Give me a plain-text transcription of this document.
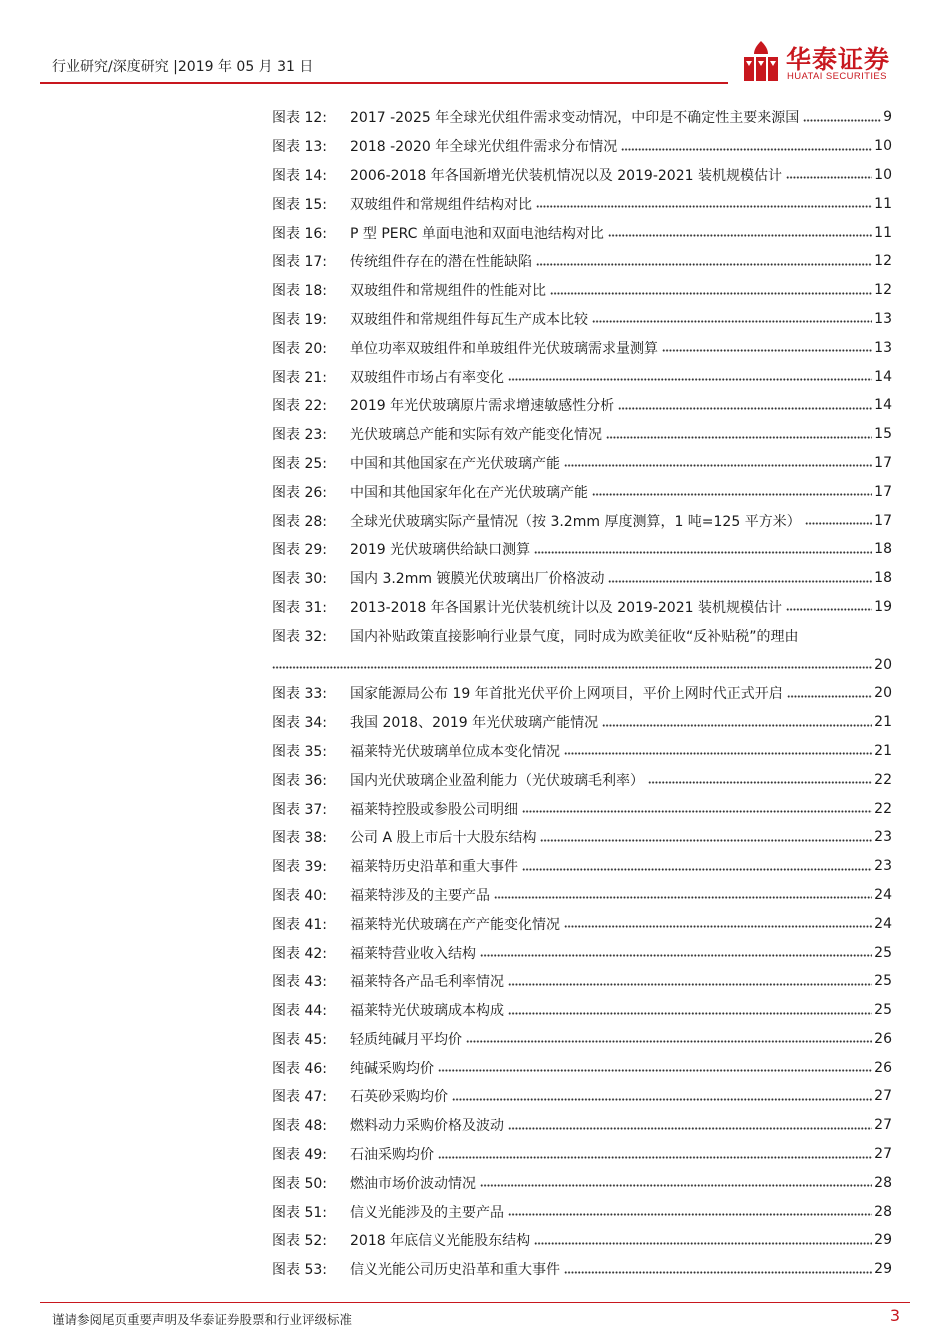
行业研究/深度研究 |2019 年 05 月 31 日	华泰证券
HUATAI SECURITIES
图表 12:	2017 -2025 年全球光伏组件需求变动情况，中印是不确定性主要来源国	9
图表 13:	2018 -2020 年全球光伏组件需求分布情况	10
图表 14:	2006-2018 年各国新增光伏装机情况以及 2019-2021 装机规模估计	10
图表 15:	双玻组件和常规组件结构对比	11
图表 16:	P 型 PERC 单面电池和双面电池结构对比	11
图表 17:	传统组件存在的潜在性能缺陷	12
图表 18:	双玻组件和常规组件的性能对比	12
图表 19:	双玻组件和常规组件每瓦生产成本比较	13
图表 20:	单位功率双玻组件和单玻组件光伏玻璃需求量测算	13
图表 21:	双玻组件市场占有率变化	14
图表 22:	2019 年光伏玻璃原片需求增速敏感性分析	14
图表 23:	光伏玻璃总产能和实际有效产能变化情况	15
图表 25:	中国和其他国家在产光伏玻璃产能	17
图表 26:	中国和其他国家年化在产光伏玻璃产能	17
图表 28:	全球光伏玻璃实际产量情况（按 3.2mm 厚度测算，1 吨=125 平方米）	17
图表 29:	2019 光伏玻璃供给缺口测算	18
图表 30:	国内 3.2mm 镀膜光伏玻璃出厂价格波动	18
图表 31:	2013-2018 年各国累计光伏装机统计以及 2019-2021 装机规模估计	19
图表 32:	国内补贴政策直接影响行业景气度，同时成为欧美征收“反补贴税”的理由
20
图表 33:	国家能源局公布 19 年首批光伏平价上网项目，平价上网时代正式开启	20
图表 34:	我国 2018、2019 年光伏玻璃产能情况	21
图表 35:	福莱特光伏玻璃单位成本变化情况	21
图表 36:	国内光伏玻璃企业盈利能力（光伏玻璃毛利率）	22
图表 37:	福莱特控股或参股公司明细	22
图表 38:	公司 A 股上市后十大股东结构	23
图表 39:	福莱特历史沿革和重大事件	23
图表 40:	福莱特涉及的主要产品	24
图表 41:	福莱特光伏玻璃在产产能变化情况	24
图表 42:	福莱特营业收入结构	25
图表 43:	福莱特各产品毛利率情况	25
图表 44:	福莱特光伏玻璃成本构成	25
图表 45:	轻质纯碱月平均价	26
图表 46:	纯碱采购均价	26
图表 47:	石英砂采购均价	27
图表 48:	燃料动力采购价格及波动	27
图表 49:	石油采购均价	27
图表 50:	燃油市场价波动情况	28
图表 51:	信义光能涉及的主要产品	28
图表 52:	2018 年底信义光能股东结构	29
图表 53:	信义光能公司历史沿革和重大事件	29
谨请参阅尾页重要声明及华泰证券股票和行业评级标准	3
